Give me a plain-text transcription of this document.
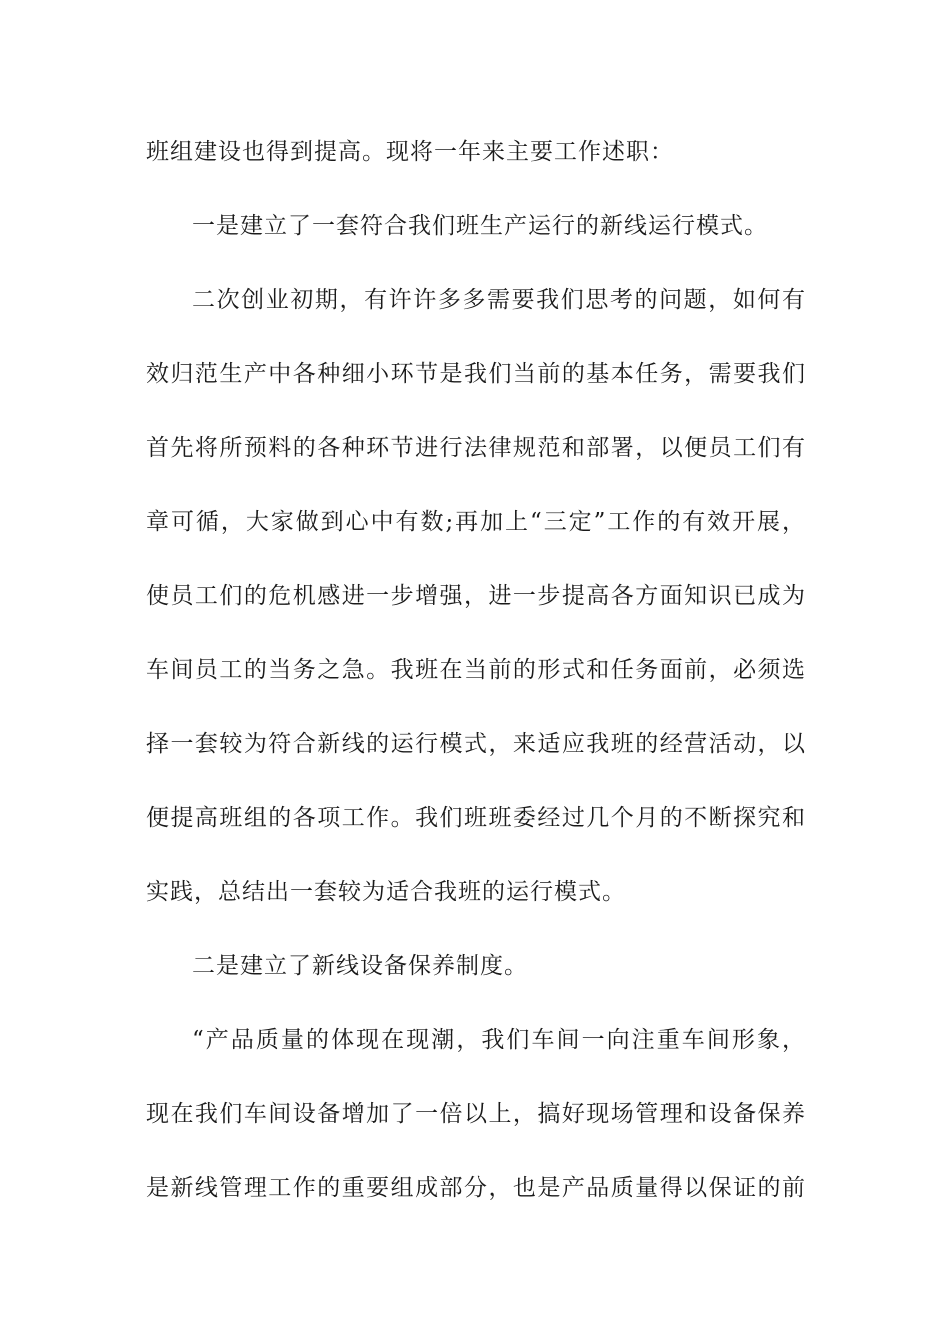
班组建设也得到提高。现将一年来主要工作述职：
一是建立了一套符合我们班生产运行的新线运行模式。
二次创业初期，有许许多多需要我们思考的问题，如何有
效归范生产中各种细小环节是我们当前的基本任务，需要我们
首先将所预料的各种环节进行法律规范和部署，以便员工们有
章可循，大家做到心中有数;再加上“三定”工作的有效开展，
使员工们的危机感进一步增强，进一步提高各方面知识已成为
车间员工的当务之急。我班在当前的形式和任务面前，必须选
择一套较为符合新线的运行模式，来适应我班的经营活动，以
便提高班组的各项工作。我们班班委经过几个月的不断探究和
实践，总结出一套较为适合我班的运行模式。
二是建立了新线设备保养制度。
“产品质量的体现在现潮，我们车间一向注重车间形象，
现在我们车间设备增加了一倍以上，搞好现场管理和设备保养
是新线管理工作的重要组成部分，也是产品质量得以保证的前
